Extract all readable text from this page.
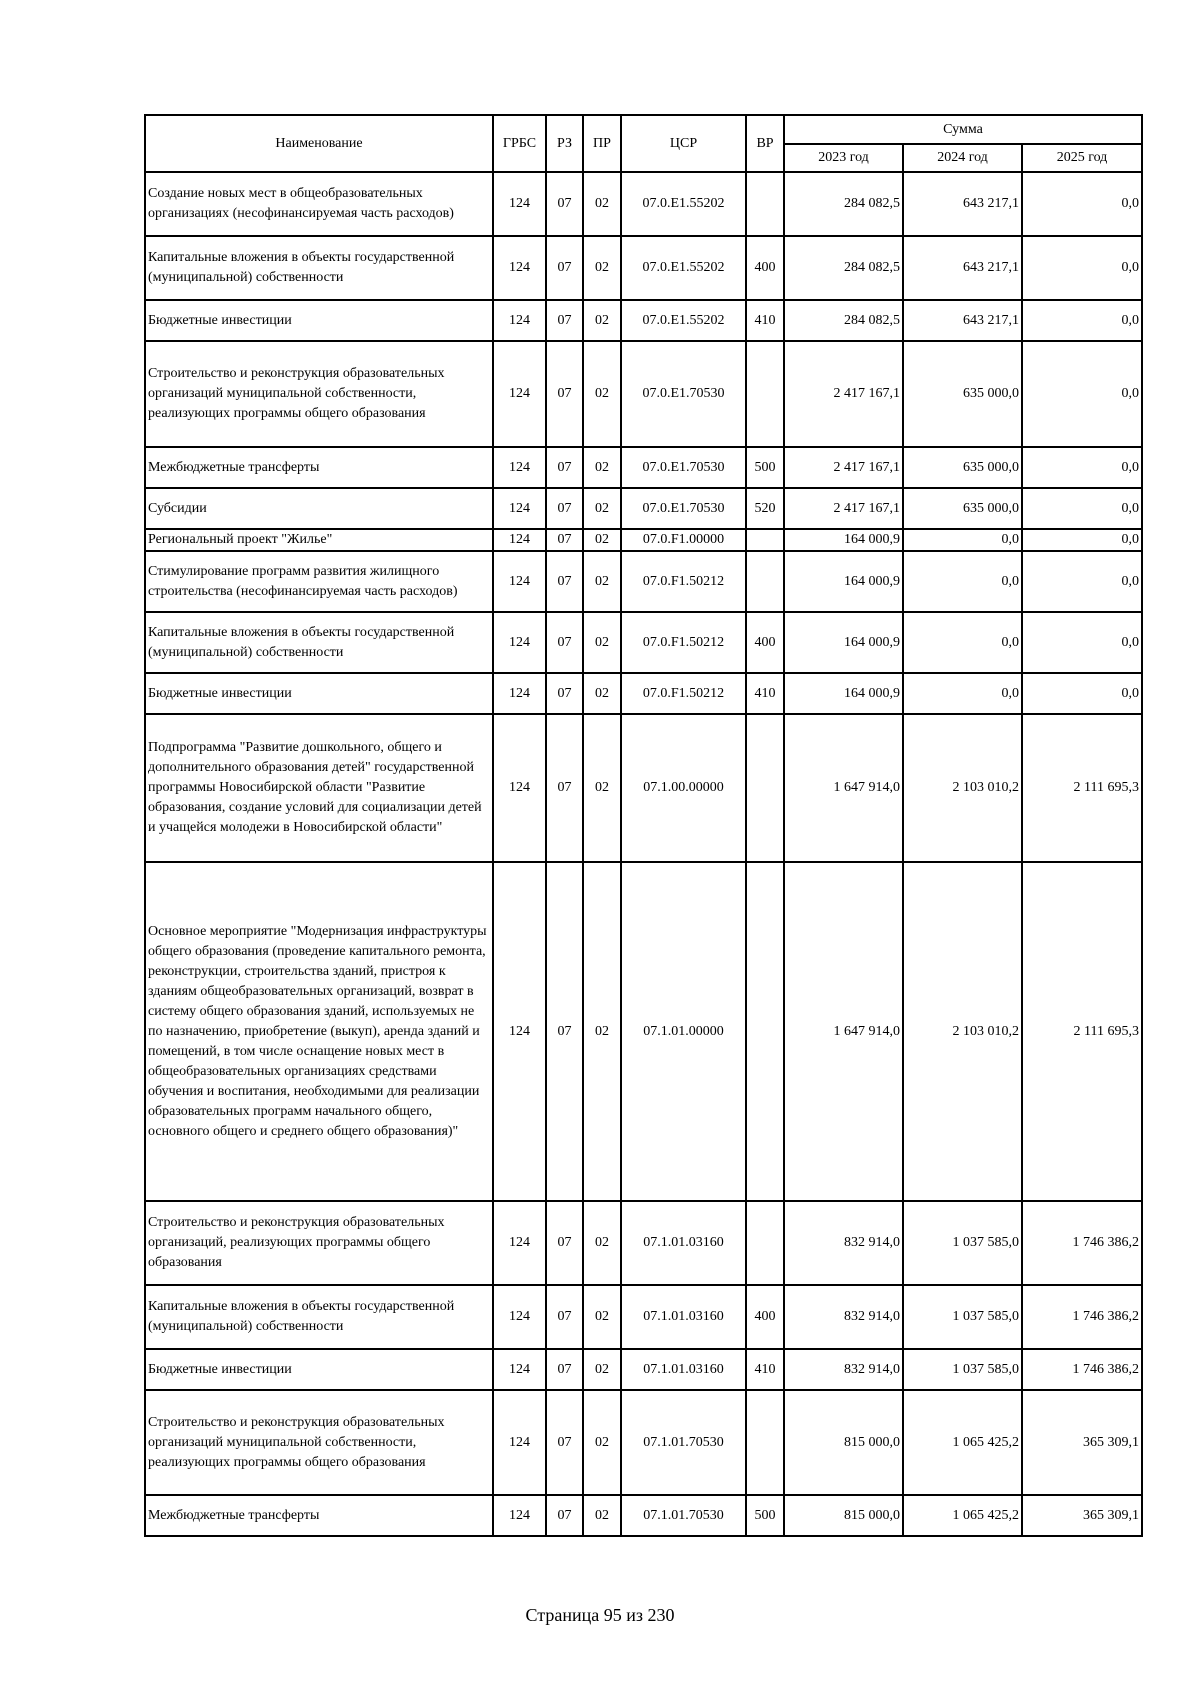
Наименование	ГРБС	РЗ	ПР	ЦСР	ВР	Сумма		
						2023 год	2024 год	2025 год
Создание новых мест в общеобразовательных организациях (несофинансируемая часть расходов)	124	07	02	07.0.E1.55202		284 082,5	643 217,1	0,0
Капитальные вложения в объекты государственной (муниципальной) собственности	124	07	02	07.0.E1.55202	400	284 082,5	643 217,1	0,0
Бюджетные инвестиции	124	07	02	07.0.E1.55202	410	284 082,5	643 217,1	0,0
Строительство и реконструкция образовательных организаций муниципальной собственности, реализующих программы общего образования	124	07	02	07.0.E1.70530		2 417 167,1	635 000,0	0,0
Межбюджетные трансферты	124	07	02	07.0.E1.70530	500	2 417 167,1	635 000,0	0,0
Субсидии	124	07	02	07.0.E1.70530	520	2 417 167,1	635 000,0	0,0
Региональный проект "Жилье"	124	07	02	07.0.F1.00000		164 000,9	0,0	0,0
Стимулирование программ развития жилищного строительства (несофинансируемая часть расходов)	124	07	02	07.0.F1.50212		164 000,9	0,0	0,0
Капитальные вложения в объекты государственной (муниципальной) собственности	124	07	02	07.0.F1.50212	400	164 000,9	0,0	0,0
Бюджетные инвестиции	124	07	02	07.0.F1.50212	410	164 000,9	0,0	0,0
Подпрограмма "Развитие дошкольного, общего и дополнительного образования детей" государственной программы Новосибирской области "Развитие образования, создание условий для социализации детей и учащейся молодежи в Новосибирской области"	124	07	02	07.1.00.00000		1 647 914,0	2 103 010,2	2 111 695,3
Основное мероприятие "Модернизация инфраструктуры общего образования (проведение капитального ремонта, реконструкции, строительства зданий, пристроя к зданиям общеобразовательных организаций, возврат в систему общего образования зданий, используемых не по назначению, приобретение (выкуп), аренда зданий и помещений, в том числе оснащение новых мест в общеобразовательных организациях средствами обучения и воспитания, необходимыми для реализации образовательных программ начального общего, основного общего и среднего общего образования)"	124	07	02	07.1.01.00000		1 647 914,0	2 103 010,2	2 111 695,3
Строительство и реконструкция образовательных организаций, реализующих программы общего образования	124	07	02	07.1.01.03160		832 914,0	1 037 585,0	1 746 386,2
Капитальные вложения в объекты государственной (муниципальной) собственности	124	07	02	07.1.01.03160	400	832 914,0	1 037 585,0	1 746 386,2
Бюджетные инвестиции	124	07	02	07.1.01.03160	410	832 914,0	1 037 585,0	1 746 386,2
Строительство и реконструкция образовательных организаций муниципальной собственности, реализующих программы общего образования	124	07	02	07.1.01.70530		815 000,0	1 065 425,2	365 309,1
Межбюджетные трансферты	124	07	02	07.1.01.70530	500	815 000,0	1 065 425,2	365 309,1
Страница 95 из 230
